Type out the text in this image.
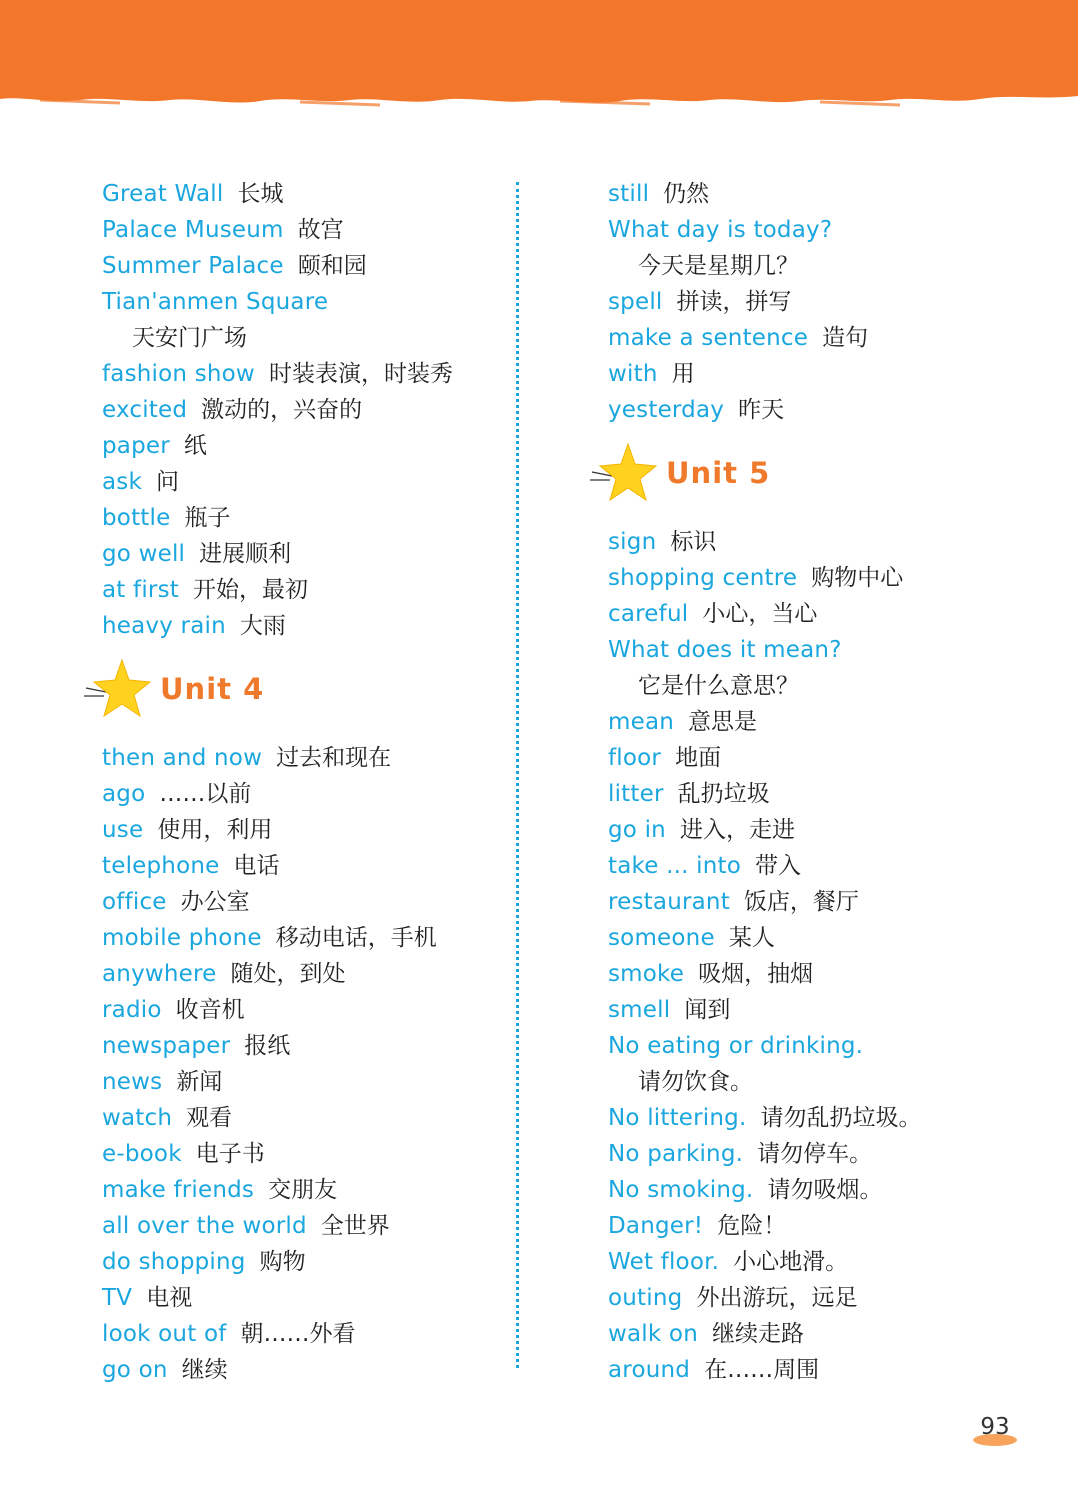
Great Wall 长城
Palace Museum 故宫
Summer Palace 颐和园
Tian'anmen Square
天安门广场
fashion show 时装表演，时装秀
excited 激动的，兴奋的
paper 纸
ask 问
bottle 瓶子
go well 进展顺利
at first 开始，最初
heavy rain 大雨
Unit 4
then and now 过去和现在
ago ……以前
use 使用，利用
telephone 电话
office 办公室
mobile phone 移动电话，手机
anywhere 随处，到处
radio 收音机
newspaper 报纸
news 新闻
watch 观看
e-book 电子书
make friends 交朋友
all over the world 全世界
do shopping 购物
TV 电视
look out of 朝……外看
go on 继续
still 仍然
What day is today?
今天是星期几？
spell 拼读，拼写
make a sentence 造句
with 用
yesterday 昨天
Unit 5
sign 标识
shopping centre 购物中心
careful 小心，当心
What does it mean?
它是什么意思？
mean 意思是
floor 地面
litter 乱扔垃圾
go in 进入，走进
take ... into 带入
restaurant 饭店，餐厅
someone 某人
smoke 吸烟，抽烟
smell 闻到
No eating or drinking.
请勿饮食。
No littering. 请勿乱扔垃圾。
No parking. 请勿停车。
No smoking. 请勿吸烟。
Danger! 危险！
Wet floor. 小心地滑。
outing 外出游玩，远足
walk on 继续走路
around 在……周围
93
